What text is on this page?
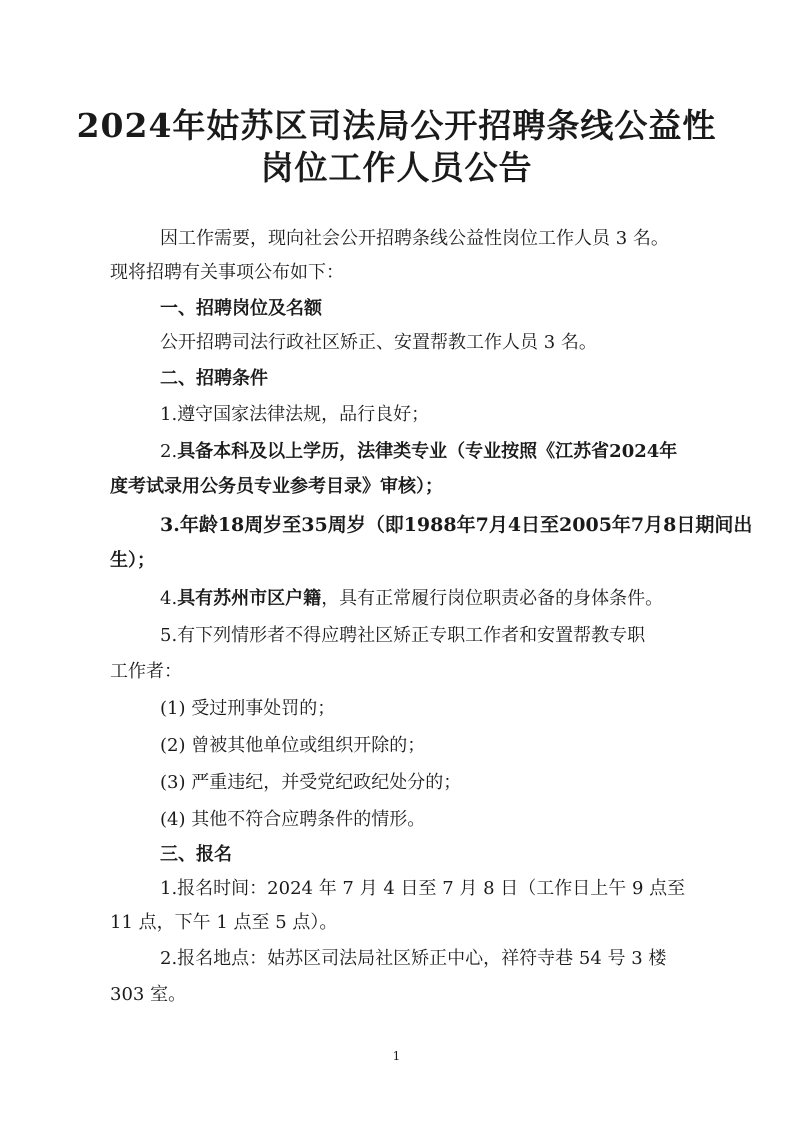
2024年姑苏区司法局公开招聘条线公益性
岗位工作人员公告
因工作需要，现向社会公开招聘条线公益性岗位工作人员 3 名。
现将招聘有关事项公布如下：
一、招聘岗位及名额
公开招聘司法行政社区矫正、安置帮教工作人员 3 名。
二、招聘条件
1.遵守国家法律法规，品行良好；
2.具备本科及以上学历，法律类专业（专业按照《江苏省2024年
度考试录用公务员专业参考目录》审核）；
3.年龄18周岁至35周岁（即1988年7月4日至2005年7月8日期间出
生）；
4.具有苏州市区户籍，具有正常履行岗位职责必备的身体条件。
5.有下列情形者不得应聘社区矫正专职工作者和安置帮教专职
工作者：
(1) 受过刑事处罚的；
(2) 曾被其他单位或组织开除的；
(3) 严重违纪，并受党纪政纪处分的；
(4) 其他不符合应聘条件的情形。
三、报名
1.报名时间：2024 年 7 月 4 日至 7 月 8 日（工作日上午 9 点至
11 点，下午 1 点至 5 点）。
2.报名地点：姑苏区司法局社区矫正中心，祥符寺巷 54 号 3 楼
303 室。
1
